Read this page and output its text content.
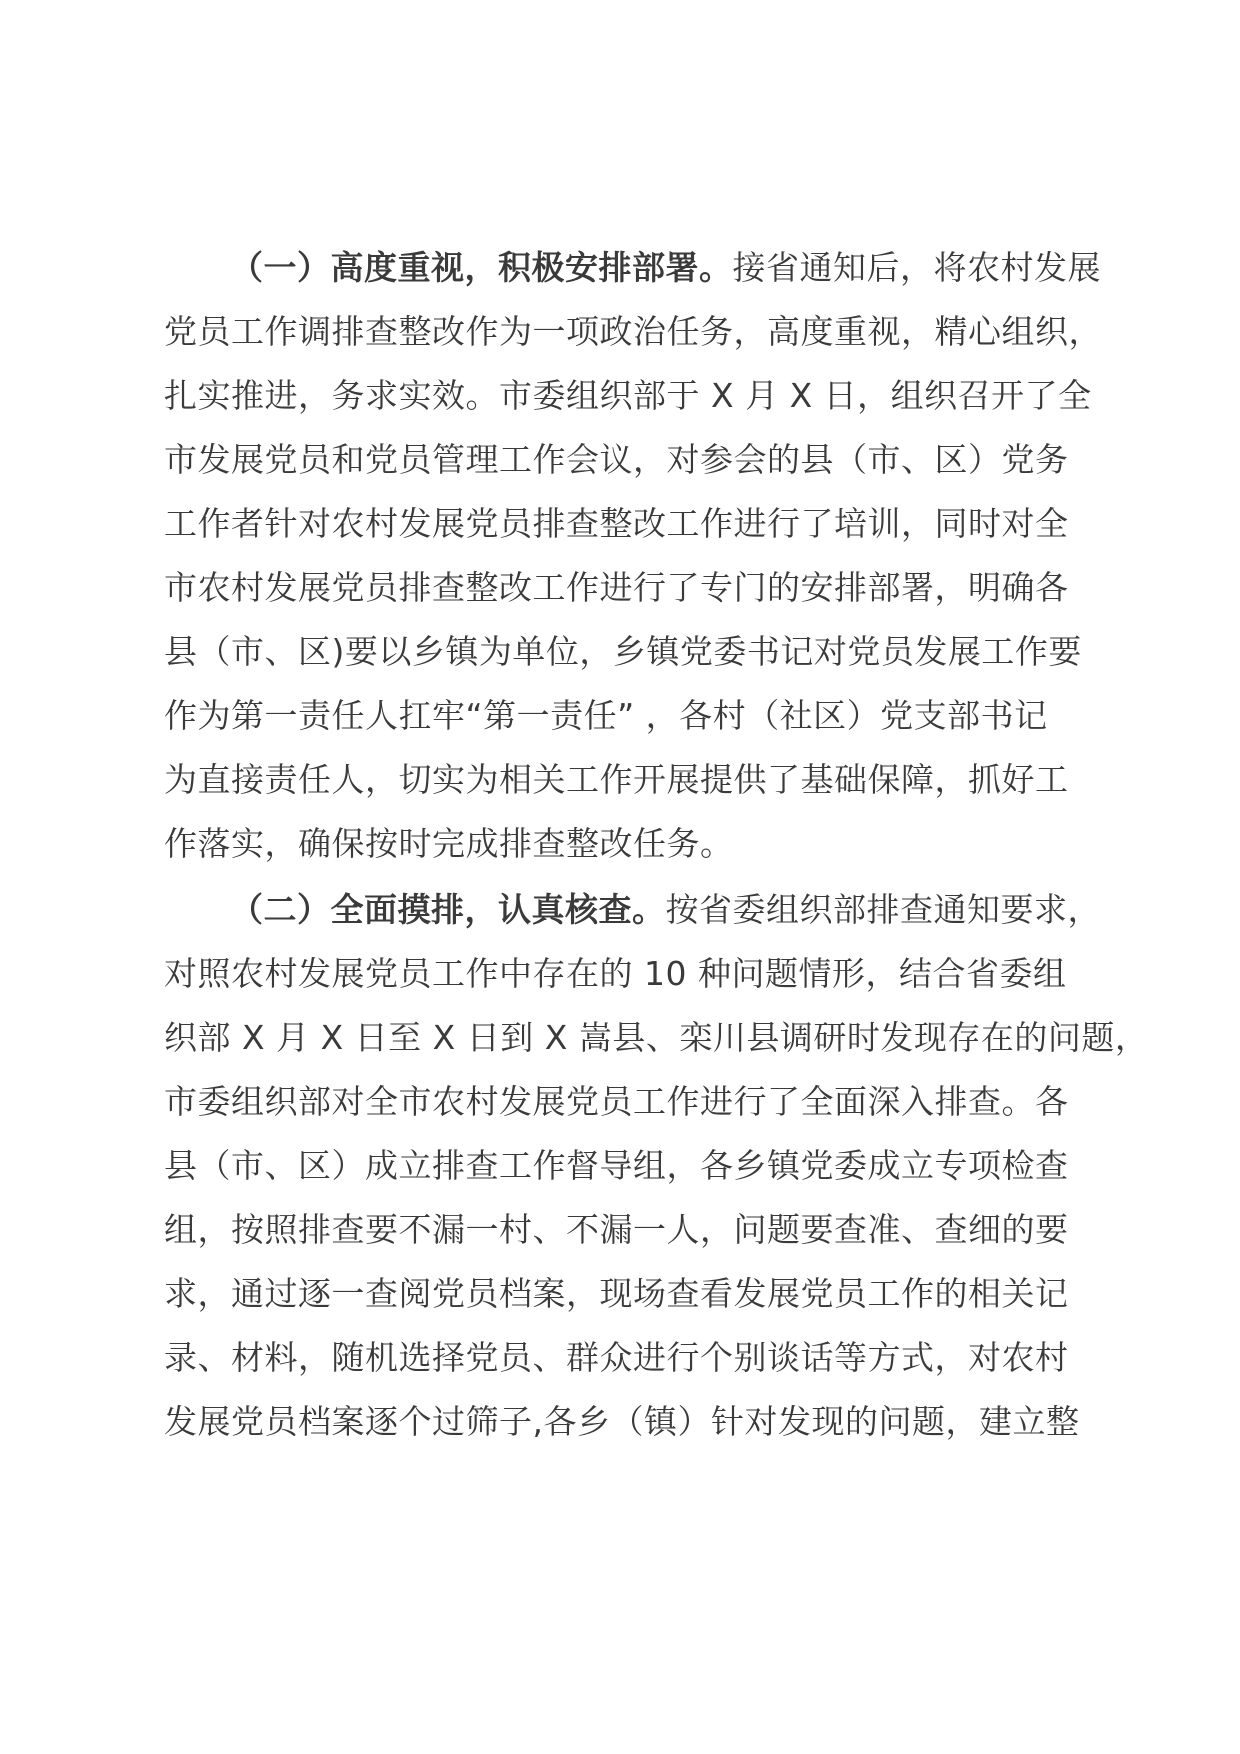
（一）高度重视，积极安排部署。接省通知后，将农村发展
党员工作调排查整改作为一项政治任务，高度重视，精心组织，
扎实推进，务求实效。市委组织部于 X 月 X 日，组织召开了全
市发展党员和党员管理工作会议，对参会的县（市、区）党务
工作者针对农村发展党员排查整改工作进行了培训，同时对全
市农村发展党员排查整改工作进行了专门的安排部署，明确各
县（市、区)要以乡镇为单位，乡镇党委书记对党员发展工作要
作为第一责任人扛牢“第一责任” ，各村（社区）党支部书记
为直接责任人，切实为相关工作开展提供了基础保障，抓好工
作落实，确保按时完成排查整改任务。
（二）全面摸排，认真核查。按省委组织部排查通知要求，
对照农村发展党员工作中存在的 10 种问题情形，结合省委组
织部 X 月 X 日至 X 日到 X 嵩县、栾川县调研时发现存在的问题，
市委组织部对全市农村发展党员工作进行了全面深入排查。各
县（市、区）成立排查工作督导组，各乡镇党委成立专项检查
组，按照排查要不漏一村、不漏一人，问题要查准、查细的要
求，通过逐一查阅党员档案，现场查看发展党员工作的相关记
录、材料，随机选择党员、群众进行个别谈话等方式，对农村
发展党员档案逐个过筛子,各乡（镇）针对发现的问题，建立整
